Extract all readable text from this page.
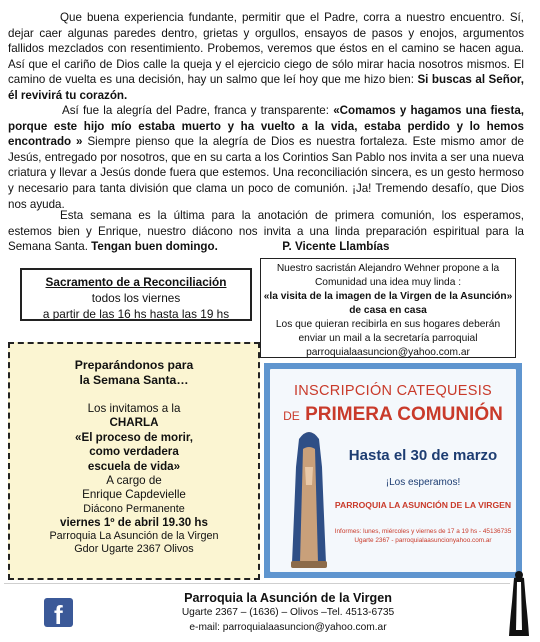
Que buena experiencia fundante, permitir que el Padre, corra a nuestro encuentro. Sí, dejar caer algunas paredes dentro, grietas y orgullos, ensayos de pasos y enojos, argumentos fallidos mezclados con resentimiento. Probemos, veremos que éstos en el camino se hacen agua. Así que el cariño de Dios calle la queja y el ejercicio ciego de sólo mirar hacia nosotros mismos. El camino de vuelta es una decisión, hay un salmo que leí hoy que me hizo bien: Si buscas al Señor, él revivirá tu corazón.

Así fue la alegría del Padre, franca y transparente: «Comamos y hagamos una fiesta, porque este hijo mío estaba muerto y ha vuelto a la vida, estaba perdido y lo hemos encontrado » Siempre pienso que la alegría de Dios es nuestra fortaleza. Este mismo amor de Jesús, entregado por nosotros, que en su carta a los Corintios San Pablo nos invita a ser una nueva criatura y llevar a Jesús donde fuera que estemos. Una reconciliación sincera, es un gesto hermoso y necesario para tanta división que clama un poco de comunión. ¡Ja! Tremendo desafío, que Dios nos ayuda.

Esta semana es la última para la anotación de primera comunión, los esperamos, estemos bien y Enrique, nuestro diácono nos invita a una linda preparación espiritual para la Semana Santa. Tengan buen domingo.	P. Vicente Llambías

Sacramento de a Reconciliación
todos los viernes
a partir de las 16 hs hasta las 19 hs
Nuestro sacristán Alejandro Wehner propone a la
Comunidad una idea muy linda :
«la visita de la imagen de la Virgen de la Asunción»
de casa en casa
Los que quieran recibirla en sus hogares deberán
enviar un mail a la secretaría parroquial
parroquialaasuncion@yahoo.com.ar
Preparándonos para
la Semana Santa…
Los invitamos a la
CHARLA
«El proceso de morir,
como verdadera
escuela de vida»
A cargo de
Enrique Capdevielle
Diácono Permanente
viernes 1º de abril 19.30 hs
Parroquia La Asunción de la Virgen
Gdor Ugarte 2367 Olivos
INSCRIPCIÓN CATEQUESIS
DE PRIMERA COMUNIÓN
Hasta el 30 de marzo
¡Los esperamos!
PARROQUIA LA ASUNCIÓN DE LA VIRGEN
Informes: lunes, miércoles y viernes de 17 a 19 hs - 45136735
Ugarte 2367 - parroquialaasuncionyahoo.com.ar
f
Parroquia la Asunción de la Virgen
Ugarte 2367 – (1636) – Olivos –Tel. 4513-6735
e-mail: parroquialaasuncion@yahoo.com.ar
